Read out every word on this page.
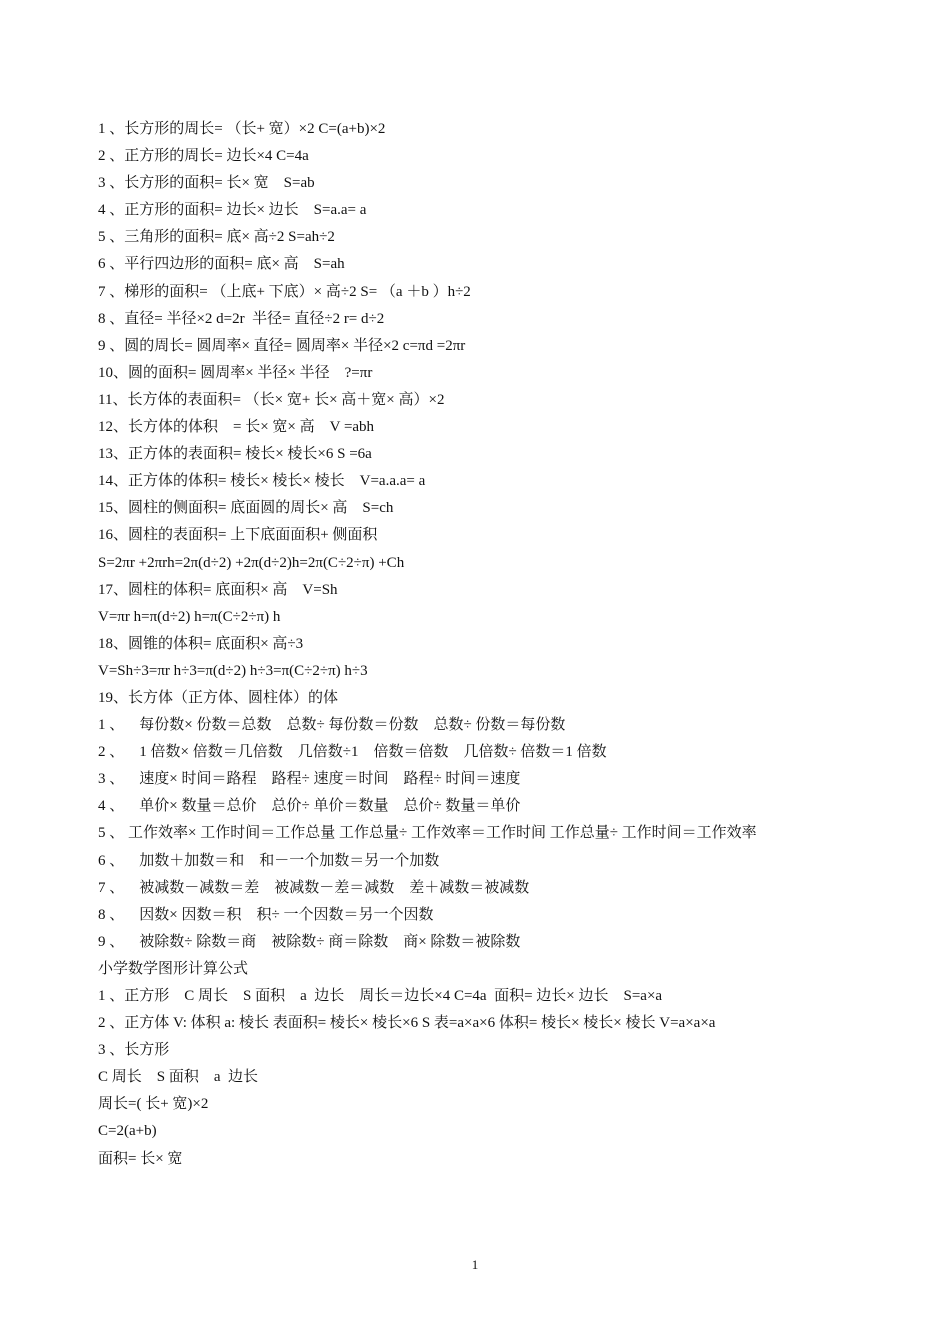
1 、长方形的周长= （长+ 宽）×2 C=(a+b)×2
2 、正方形的周长= 边长×4 C=4a
3 、长方形的面积= 长× 宽    S=ab
4 、正方形的面积= 边长× 边长    S=a.a= a
5 、三角形的面积= 底× 高÷2 S=ah÷2
6 、平行四边形的面积= 底× 高    S=ah
7 、梯形的面积= （上底+ 下底）× 高÷2 S= （a ＋b ）h÷2
8 、直径= 半径×2 d=2r  半径= 直径÷2 r= d÷2
9 、圆的周长= 圆周率× 直径= 圆周率× 半径×2 c=πd =2πr
10、圆的面积= 圆周率× 半径× 半径    ?=πr
11、长方体的表面积= （长× 宽+ 长× 高＋宽× 高）×2
12、长方体的体积    = 长× 宽× 高    V =abh
13、正方体的表面积= 棱长× 棱长×6 S =6a
14、正方体的体积= 棱长× 棱长× 棱长    V=a.a.a= a
15、圆柱的侧面积= 底面圆的周长× 高    S=ch
16、圆柱的表面积= 上下底面面积+ 侧面积
S=2πr +2πrh=2π(d÷2) +2π(d÷2)h=2π(C÷2÷π) +Ch
17、圆柱的体积= 底面积× 高    V=Sh
V=πr h=π(d÷2) h=π(C÷2÷π) h
18、圆锥的体积= 底面积× 高÷3
V=Sh÷3=πr h÷3=π(d÷2) h÷3=π(C÷2÷π) h÷3
19、长方体（正方体、圆柱体）的体
1 、    每份数× 份数＝总数    总数÷ 每份数＝份数    总数÷ 份数＝每份数
2 、    1 倍数× 倍数＝几倍数    几倍数÷1    倍数＝倍数    几倍数÷ 倍数＝1 倍数
3 、    速度× 时间＝路程    路程÷ 速度＝时间    路程÷ 时间＝速度
4 、    单价× 数量＝总价    总价÷ 单价＝数量    总价÷ 数量＝单价
5 、 工作效率× 工作时间＝工作总量 工作总量÷ 工作效率＝工作时间 工作总量÷ 工作时间＝工作效率
6 、    加数＋加数＝和    和－一个加数＝另一个加数
7 、    被减数－减数＝差    被减数－差＝减数    差＋减数＝被减数
8 、    因数× 因数＝积    积÷ 一个因数＝另一个因数
9 、    被除数÷ 除数＝商    被除数÷ 商＝除数    商× 除数＝被除数
小学数学图形计算公式
1 、正方形    C 周长    S 面积    a  边长    周长＝边长×4 C=4a  面积= 边长× 边长    S=a×a
2 、正方体 V: 体积 a: 棱长 表面积= 棱长× 棱长×6 S 表=a×a×6 体积= 棱长× 棱长× 棱长 V=a×a×a
3 、长方形
C 周长    S 面积    a  边长
周长=( 长+ 宽)×2
C=2(a+b)
面积= 长× 宽
1
